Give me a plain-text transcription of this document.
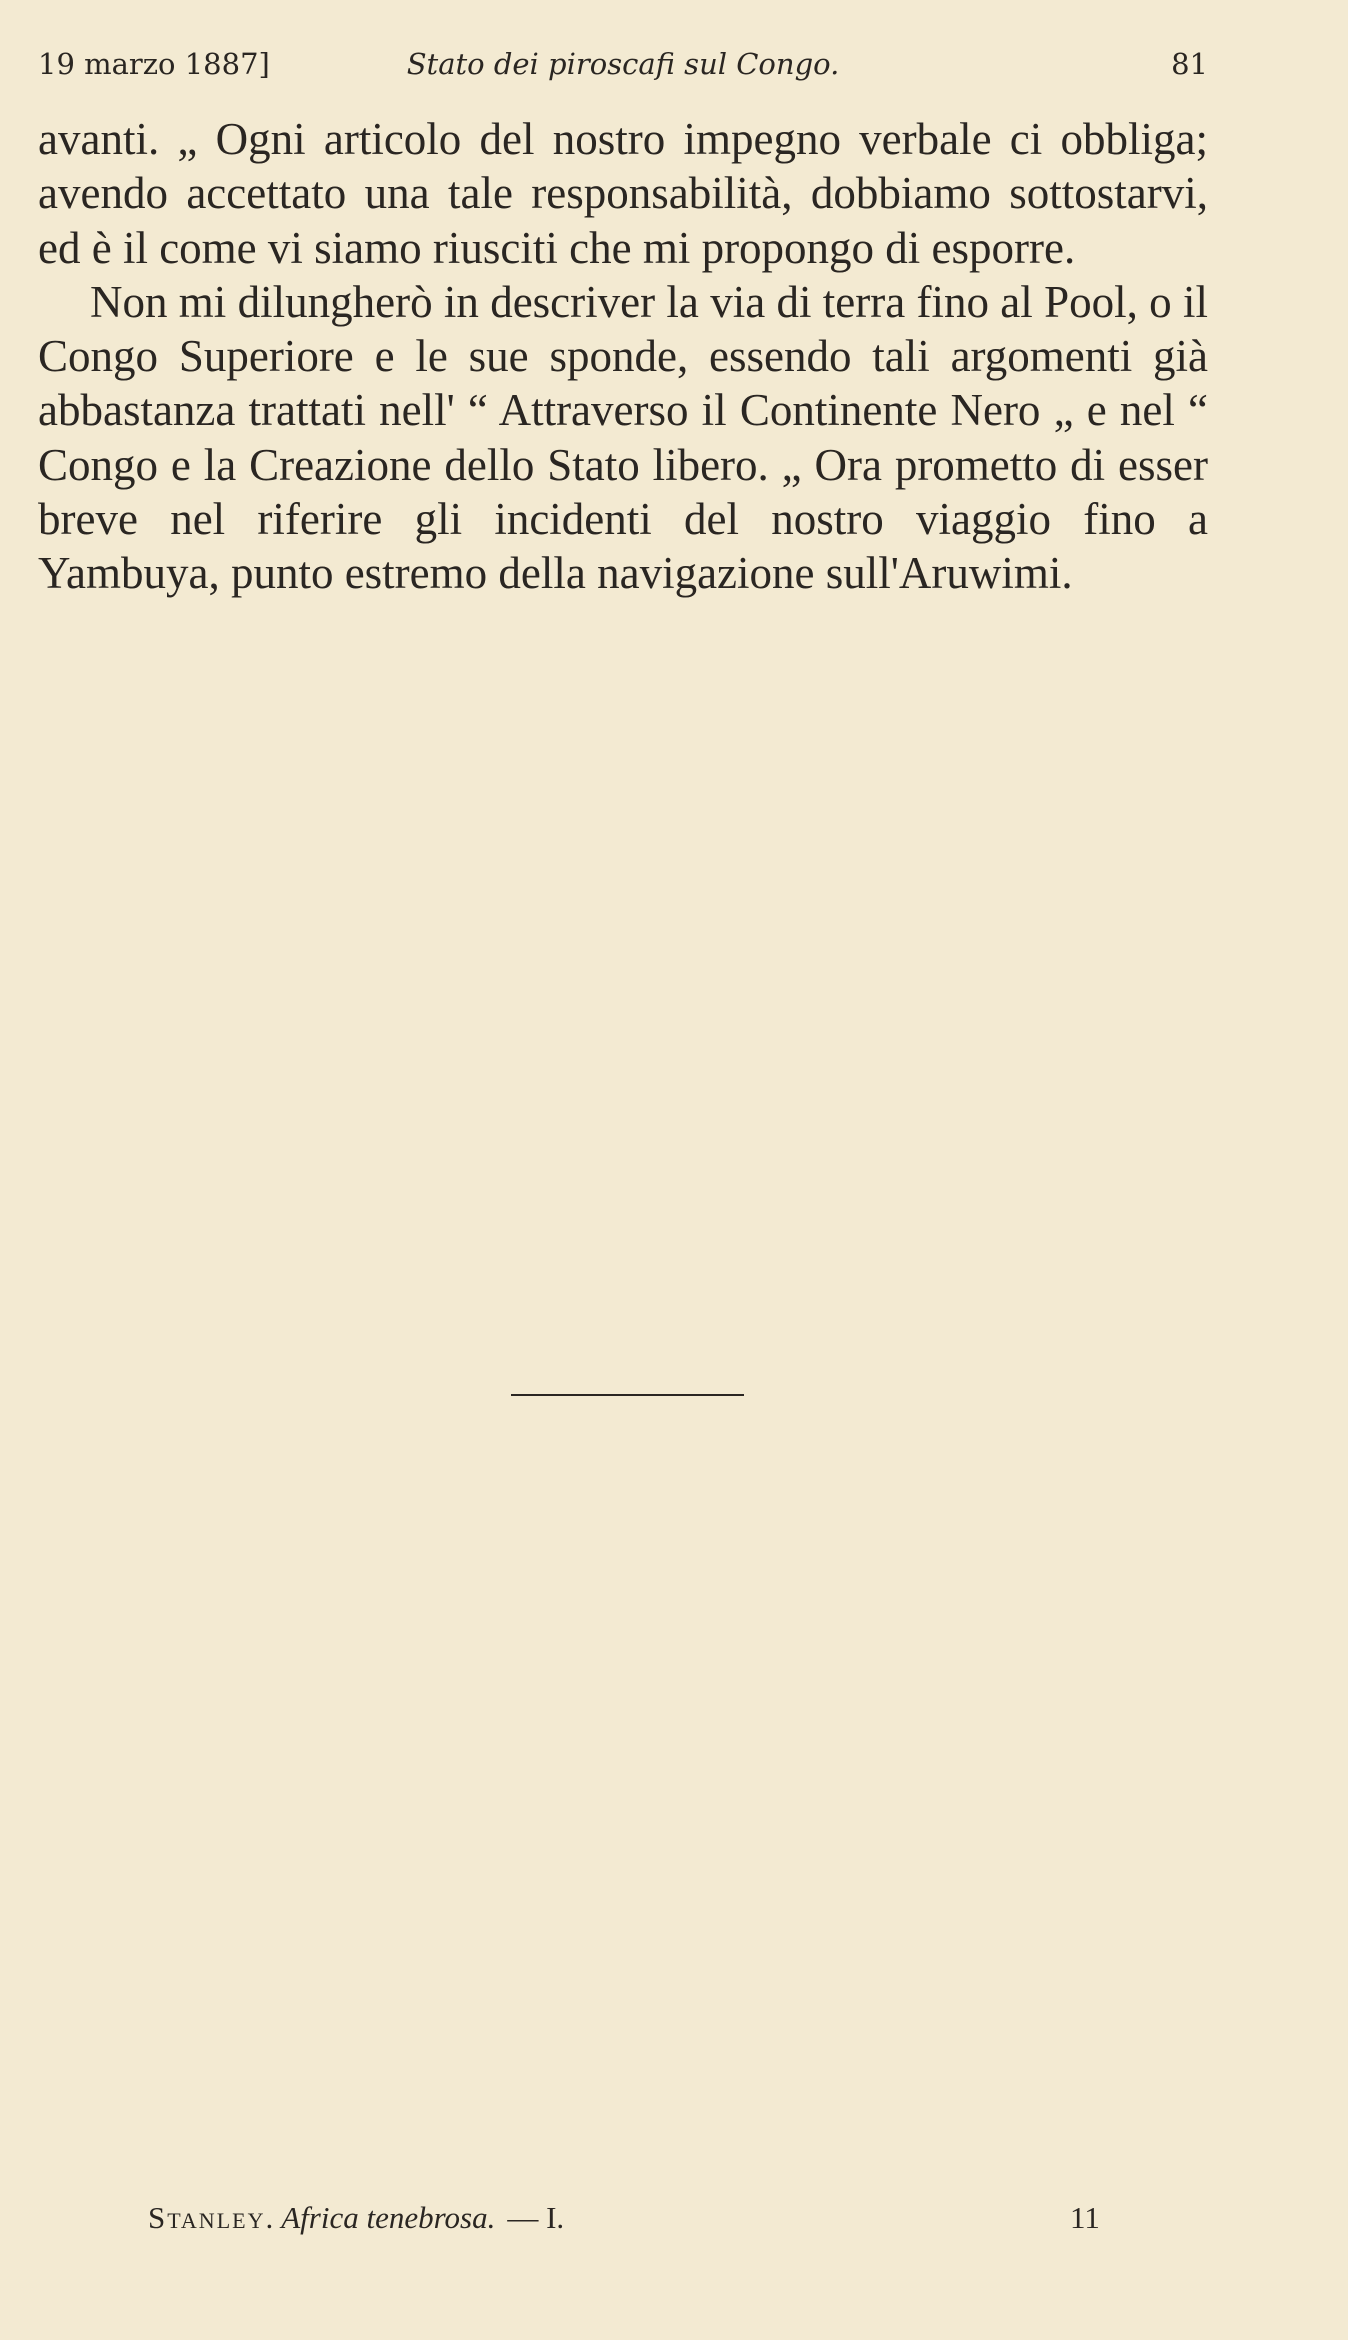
19 marzo 1887]	Stato dei piroscafi sul Congo.	81

avanti. „ Ogni articolo del nostro impegno verbale ci obbliga; avendo accettato una tale responsabilità, dobbiamo sottostarvi, ed è il come vi siamo riusciti che mi propongo di esporre.

Non mi dilungherò in descriver la via di terra fino al Pool, o il Congo Superiore e le sue sponde, essendo tali argomenti già abbastanza trattati nell' “ Attraverso il Continente Nero „ e nel “ Congo e la Creazione dello Stato libero. „ Ora prometto di esser breve nel riferire gli incidenti del nostro viaggio fino a Yambuya, punto estremo della navigazione sull'Aruwimi.

Stanley. Africa tenebrosa. — I.	11
